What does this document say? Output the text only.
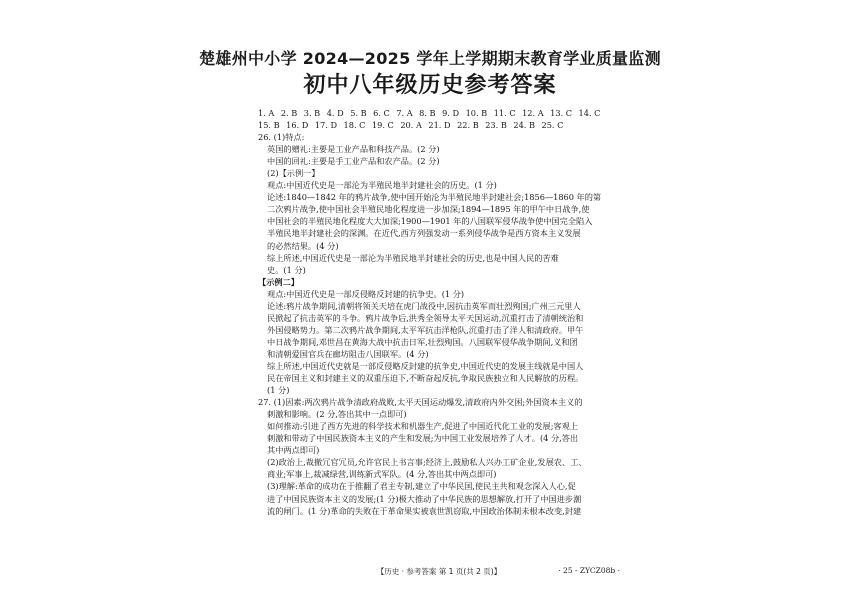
楚雄州中小学 2024—2025 学年上学期期末教育学业质量监测
初中八年级历史参考答案
1. A 2. B 3. B 4. D 5. B 6. C 7. A 8. B 9. D 10. B 11. C 12. A 13. C 14. C
15. B 16. D 17. D 18. C 19. C 20. A 21. D 22. B 23. B 24. B 25. C
26. (1)特点:
英国的赠礼:主要是工业产品和科技产品。(2 分)
中国的回礼:主要是手工业产品和农产品。(2 分)
(2)【示例一】
观点:中国近代史是一部沦为半殖民地半封建社会的历史。(1 分)
论述:1840—1842 年的鸦片战争,使中国开始沦为半殖民地半封建社会;1856—1860 年的第
二次鸦片战争,使中国社会半殖民地化程度进一步加深;1894—1895 年的甲午中日战争,使
中国社会的半殖民地化程度大大加深;1900—1901 年的八国联军侵华战争使中国完全陷入
半殖民地半封建社会的深渊。在近代,西方列强发动一系列侵华战争是西方资本主义发展
的必然结果。(4 分)
综上所述,中国近代史是一部沦为半殖民地半封建社会的历史,也是中国人民的苦难
史。(1 分)
【示例二】
观点:中国近代史是一部反侵略反封建的抗争史。(1 分)
论述:鸦片战争期间,清朝将领关天培在虎门战役中,因抗击英军而壮烈殉国;广州三元里人
民掀起了抗击英军的斗争。鸦片战争后,洪秀全领导太平天国运动,沉重打击了清朝统治和
外国侵略势力。第二次鸦片战争期间,太平军抗击洋枪队,沉重打击了洋人和清政府。甲午
中日战争期间,邓世昌在黄海大战中抗击日军,壮烈殉国。八国联军侵华战争期间,义和团
和清朝爱国官兵在廊坊阻击八国联军。(4 分)
综上所述,中国近代史就是一部反侵略反封建的抗争史,中国近代史的发展主线就是中国人
民在帝国主义和封建主义的双重压迫下,不断奋起反抗,争取民族独立和人民解放的历程。
(1 分)
27. (1)因素:两次鸦片战争清政府战败,太平天国运动爆发,清政府内外交困;外国资本主义的
刺激和影响。(2 分,答出其中一点即可)
如何推动:引进了西方先进的科学技术和机器生产,促进了中国近代化工业的发展;客观上
刺激和带动了中国民族资本主义的产生和发展;为中国工业发展培养了人才。(4 分,答出
其中两点即可)
(2)政治上,裁撤冗官冗员,允许官民上书言事;经济上,鼓励私人兴办工矿企业,发展农、工、
商业;军事上,裁减绿营,训练新式军队。(4 分,答出其中两点即可)
(3)理解:革命的成功在于推翻了君主专制,建立了中华民国,使民主共和观念深入人心,促
进了中国民族资本主义的发展;(1 分)极大推动了中华民族的思想解放,打开了中国进步潮
流的闸门。(1 分)革命的失败在于革命果实被袁世凯窃取,中国政治体制未根本改变,封建
【历史 · 参考答案 第 1 页(共 2 页)】	· 25 - ZYCZ08b ·
